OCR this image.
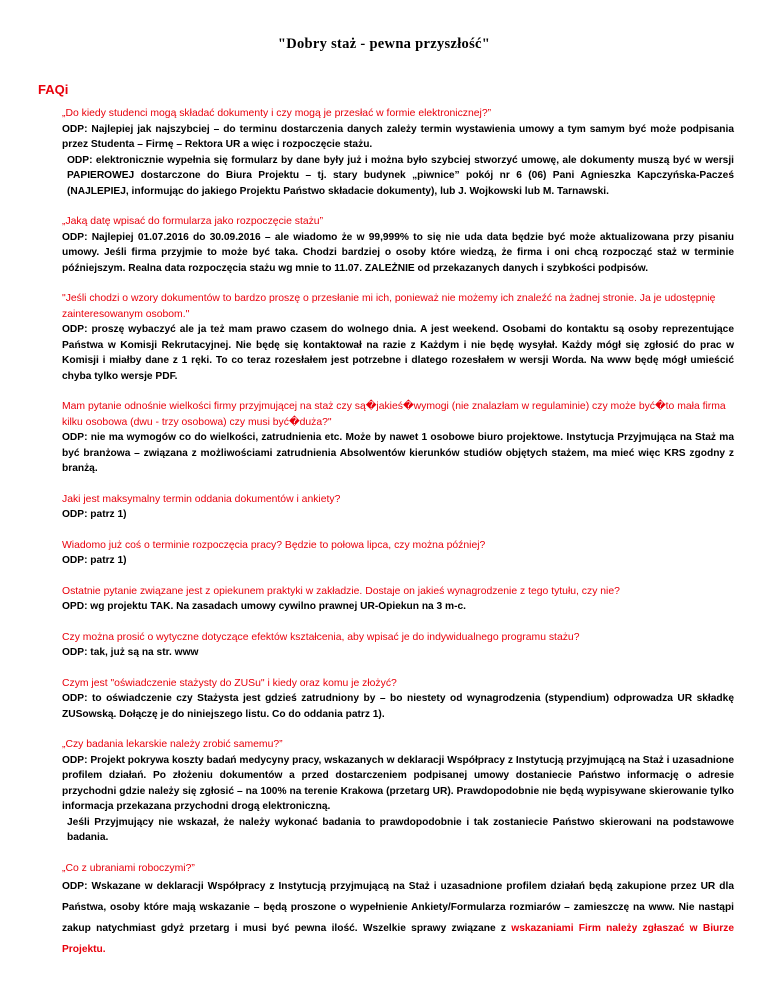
"Dobry staż - pewna przyszłość"
FAQi
„Do kiedy studenci mogą składać dokumenty i czy mogą je przesłać w formie elektronicznej?”
ODP: Najlepiej jak najszybciej – do terminu dostarczenia danych zależy termin wystawienia umowy a tym samym być może podpisania przez Studenta – Firmę – Rektora UR a więc i rozpoczęcie stażu.
ODP: elektronicznie wypełnia się formularz by dane były już i można było szybciej stworzyć umowę, ale dokumenty muszą być w wersji PAPIEROWEJ dostarczone do Biura Projektu – tj. stary budynek „piwnice” pokój nr 6 (06) Pani Agnieszka Kapczyńska-Pacześ (NAJLEPIEJ, informując do jakiego Projektu Państwo składacie dokumenty), lub J. Wojkowski lub M. Tarnawski.
„Jaką datę wpisać do formularza jako rozpoczęcie stażu”
ODP: Najlepiej 01.07.2016 do 30.09.2016 – ale wiadomo że w 99,999% to się nie uda data będzie być może aktualizowana przy pisaniu umowy. Jeśli firma przyjmie to może być taka. Chodzi bardziej o osoby które wiedzą, że firma i oni chcą rozpocząć staż w terminie późniejszym. Realna data rozpoczęcia stażu wg mnie to 11.07. ZALEŻNIE od przekazanych danych i szybkości podpisów.
"Jeśli chodzi o wzory dokumentów to bardzo proszę o przesłanie mi ich, ponieważ nie możemy ich znaleźć na żadnej stronie. Ja je udostępnię zainteresowanym osobom."
ODP: proszę wybaczyć ale ja też mam prawo czasem do wolnego dnia. A jest weekend. Osobami do kontaktu są osoby reprezentujące Państwa w Komisji Rekrutacyjnej. Nie będę się kontaktował na razie z Każdym i nie będę wysyłał. Każdy mógł się zgłosić do prac w Komisji i miałby dane z 1 ręki. To co teraz rozesłałem jest potrzebne i dlatego rozesłałem w wersji Worda. Na www będę mógł umieścić chyba tylko wersje PDF.
Mam pytanie odnośnie wielkości firmy przyjmującej na staż czy są�jakieś�wymogi (nie znalazłam w regulaminie) czy może być�to mała firma kilku osobowa (dwu - trzy osobowa) czy musi być�duża?"
ODP: nie ma wymogów co do wielkości, zatrudnienia etc. Może by nawet 1 osobowe biuro projektowe. Instytucja Przyjmująca na Staż ma być branżowa – związana z możliwościami zatrudnienia Absolwentów kierunków studiów objętych stażem, ma mieć więc KRS zgodny z branżą.
Jaki jest maksymalny termin oddania dokumentów i ankiety?
ODP: patrz 1)
Wiadomo już coś o terminie rozpoczęcia pracy? Będzie to połowa lipca, czy można później?
ODP: patrz 1)
Ostatnie pytanie związane jest z opiekunem praktyki w zakładzie. Dostaje on jakieś wynagrodzenie z tego tytułu, czy nie?
OPD: wg projektu TAK. Na zasadach umowy cywilno prawnej UR-Opiekun na 3 m-c.
Czy można prosić o wytyczne dotyczące efektów kształcenia, aby wpisać je do indywidualnego programu stażu?
ODP: tak, już są na str. www
Czym jest "oświadczenie stażysty do ZUSu" i kiedy oraz komu je złożyć?
ODP: to oświadczenie czy Stażysta jest gdzieś zatrudniony by – bo niestety od wynagrodzenia (stypendium) odprowadza UR składkę ZUSowską. Dołączę je do niniejszego listu. Co do oddania patrz 1).
„Czy badania lekarskie należy zrobić samemu?”
ODP: Projekt pokrywa koszty badań medycyny pracy, wskazanych w deklaracji Współpracy z Instytucją przyjmującą na Staż i uzasadnione profilem działań. Po złożeniu dokumentów a przed dostarczeniem podpisanej umowy dostaniecie Państwo informację o adresie przychodni gdzie należy się zgłosić – na 100% na terenie Krakowa (przetarg UR). Prawdopodobnie nie będą wypisywane skierowanie tylko informacja przekazana przychodni drogą elektroniczną.
Jeśli Przyjmujący nie wskazał, że należy wykonać badania to prawdopodobnie i tak zostaniecie Państwo skierowani na podstawowe badania.
„Co z ubraniami roboczymi?”
ODP: Wskazane w deklaracji Współpracy z Instytucją przyjmującą na Staż i uzasadnione profilem działań będą zakupione przez UR dla Państwa, osoby które mają wskazanie – będą proszone o wypełnienie Ankiety/Formularza rozmiarów – zamieszczę na www. Nie nastąpi zakup natychmiast gdyż przetarg i musi być pewna ilość. Wszelkie sprawy związane z wskazaniami Firm należy zgłaszać w Biurze Projektu.
